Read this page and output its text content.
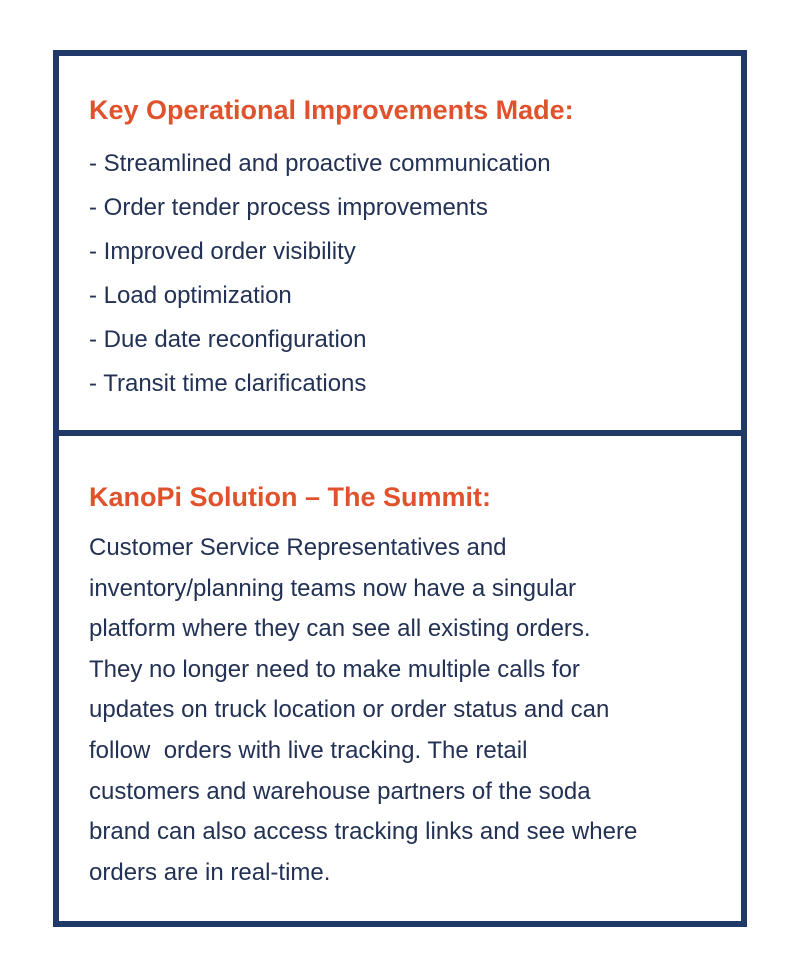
Key Operational Improvements Made:
- Streamlined and proactive communication
- Order tender process improvements
- Improved order visibility
- Load optimization
- Due date reconfiguration
- Transit time clarifications
KanoPi Solution – The Summit:

Customer Service Representatives and
inventory/planning teams now have a singular
platform where they can see all existing orders.
They no longer need to make multiple calls for
updates on truck location or order status and can
follow  orders with live tracking. The retail
customers and warehouse partners of the soda
brand can also access tracking links and see where
orders are in real-time.
